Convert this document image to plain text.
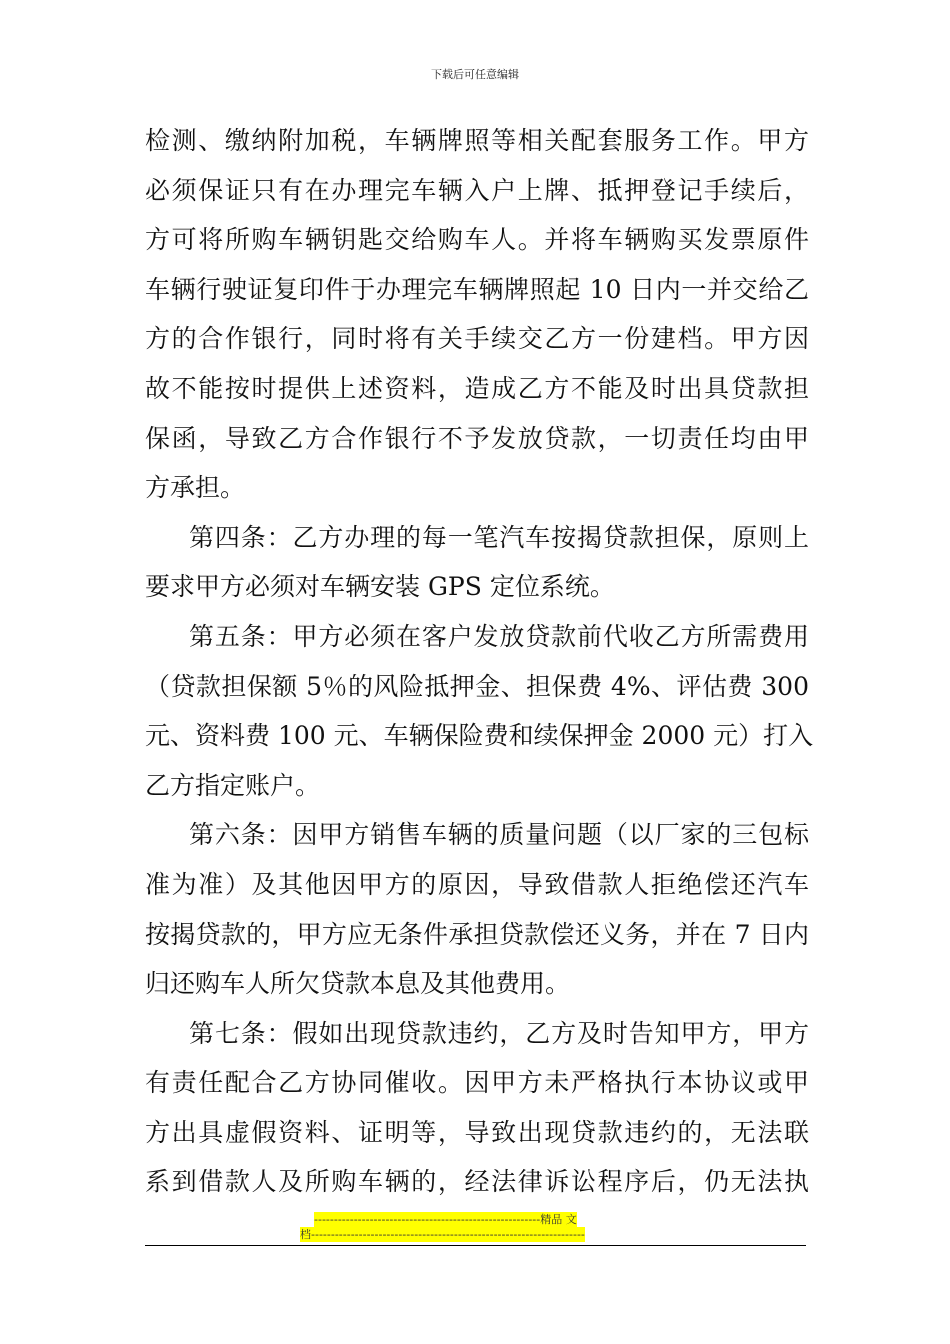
下载后可任意编辑
检测、缴纳附加税，车辆牌照等相关配套服务工作。甲方
必须保证只有在办理完车辆入户上牌、抵押登记手续后，
方可将所购车辆钥匙交给购车人。并将车辆购买发票原件
车辆行驶证复印件于办理完车辆牌照起 10 日内一并交给乙
方的合作银行，同时将有关手续交乙方一份建档。甲方因
故不能按时提供上述资料，造成乙方不能及时出具贷款担
保函，导致乙方合作银行不予发放贷款，一切责任均由甲
方承担。
第四条：乙方办理的每一笔汽车按揭贷款担保，原则上
要求甲方必须对车辆安装 GPS 定位系统。
第五条：甲方必须在客户发放贷款前代收乙方所需费用
（贷款担保额 5％的风险抵押金、担保费 4%、评估费 300
元、资料费 100 元、车辆保险费和续保押金 2000 元）打入
乙方指定账户。
第六条：因甲方销售车辆的质量问题（以厂家的三包标
准为准）及其他因甲方的原因，导致借款人拒绝偿还汽车
按揭贷款的，甲方应无条件承担贷款偿还义务，并在 7 日内
归还购车人所欠贷款本息及其他费用。
第七条：假如出现贷款违约，乙方及时告知甲方，甲方
有责任配合乙方协同催收。因甲方未严格执行本协议或甲
方出具虚假资料、证明等，导致出现贷款违约的，无法联
系到借款人及所购车辆的，经法律诉讼程序后，仍无法执
---------------------------------------------------------精品 文
档---------------------------------------------------------------------
